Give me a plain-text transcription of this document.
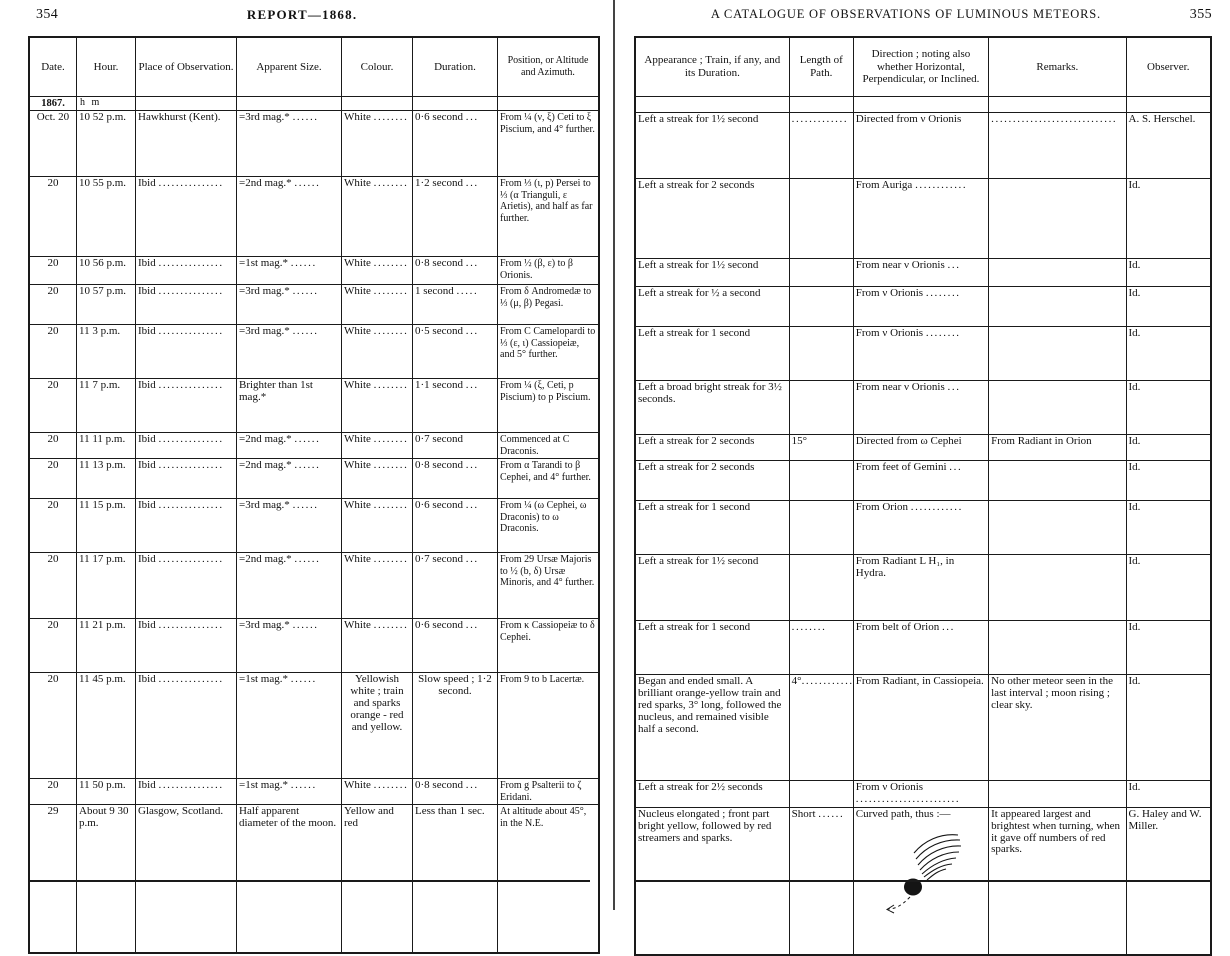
354	REPORT—1868.
Date.	Hour.	Place of Observation.	Apparent Size.	Colour.	Duration.	Position, or Altitude and Azimuth.
1867.	h m					
Oct. 20	10 52 p.m.	Hawkhurst (Kent).	=3rd mag.* ......	White ........	0·6 second ...	From ¼ (ν, ξ) Ceti to ξ Piscium, and 4° further.
20	10 55 p.m.	Ibid ...............	=2nd mag.* ......	White ........	1·2 second ...	From ⅓ (ι, p) Persei to ⅓ (α Trianguli, ε Arietis), and half as far further.
20	10 56 p.m.	Ibid ...............	=1st mag.* ......	White ........	0·8 second ...	From ½ (β, ε) to β Orionis.
20	10 57 p.m.	Ibid ...............	=3rd mag.* ......	White ........	1 second .....	From δ Andromedæ to ⅓ (μ, β) Pegasi.
20	11 3 p.m.	Ibid ...............	=3rd mag.* ......	White ........	0·5 second ...	From C Camelopardi to ⅓ (ε, ι) Cassiopeiæ, and 5° further.
20	11 7 p.m.	Ibid ...............	Brighter than 1st mag.*	White ........	1·1 second ...	From ¼ (ξ, Ceti, p Piscium) to p Piscium.
20	11 11 p.m.	Ibid ...............	=2nd mag.* ......	White ........	0·7 second	Commenced at C Draconis.
20	11 13 p.m.	Ibid ...............	=2nd mag.* ......	White ........	0·8 second ...	From α Tarandi to β Cephei, and 4° further.
20	11 15 p.m.	Ibid ...............	=3rd mag.* ......	White ........	0·6 second ...	From ¼ (ω Cephei, ω Draconis) to ω Draconis.
20	11 17 p.m.	Ibid ...............	=2nd mag.* ......	White ........	0·7 second ...	From 29 Ursæ Majoris to ½ (b, δ) Ursæ Minoris, and 4° further.
20	11 21 p.m.	Ibid ...............	=3rd mag.* ......	White ........	0·6 second ...	From κ Cassiopeiæ to δ Cephei.
20	11 45 p.m.	Ibid ...............	=1st mag.* ......	Yellowish white ; train and sparks orange - red and yellow.	Slow speed ; 1·2 second.	From 9 to b Lacertæ.
20	11 50 p.m.	Ibid ...............	=1st mag.* ......	White ........	0·8 second ...	From g Psalterii to ζ Eridani.
29	About 9 30 p.m.	Glasgow, Scotland.	Half apparent diameter of the moon.	Yellow and red	Less than 1 sec.	At altitude about 45°, in the N.E.
A CATALOGUE OF OBSERVATIONS OF LUMINOUS METEORS.	355
Appearance ; Train, if any, and its Duration.	Length of Path.	Direction ; noting also whether Horizontal, Perpendicular, or Inclined.	Remarks.	Observer.

Left a streak for 1½ second	.............	Directed from ν Orionis	.............................	A. S. Herschel.
Left a streak for 2 seconds		From Auriga ............		Id.
Left a streak for 1½ second		From near ν Orionis ...		Id.
Left a streak for ½ a second		From ν Orionis ........		Id.
Left a streak for 1 second		From ν Orionis ........		Id.
Left a broad bright streak for 3½ seconds.		From near ν Orionis ...		Id.
Left a streak for 2 seconds	15°	Directed from ω Cephei	From Radiant in Orion	Id.
Left a streak for 2 seconds		From feet of Gemini ...		Id.
Left a streak for 1 second		From Orion ............		Id.
Left a streak for 1½ second		From Radiant L H₁, in Hydra.		Id.
Left a streak for 1 second	........	From belt of Orion ...		Id.
Began and ended small. A brilliant orange-yellow train and red sparks, 3° long, followed the nucleus, and remained visible half a second.	4°............	From Radiant, in Cassiopeia.	No other meteor seen in the last interval ; moon rising ; clear sky.	Id.
Left a streak for 2½ seconds		From ν Orionis ........................		Id.
Nucleus elongated ; front part bright yellow, followed by red streamers and sparks.	Short ......	Curved path, thus :—	It appeared largest and brightest when turning, when it gave off numbers of red sparks.	G. Haley and W. Miller.
